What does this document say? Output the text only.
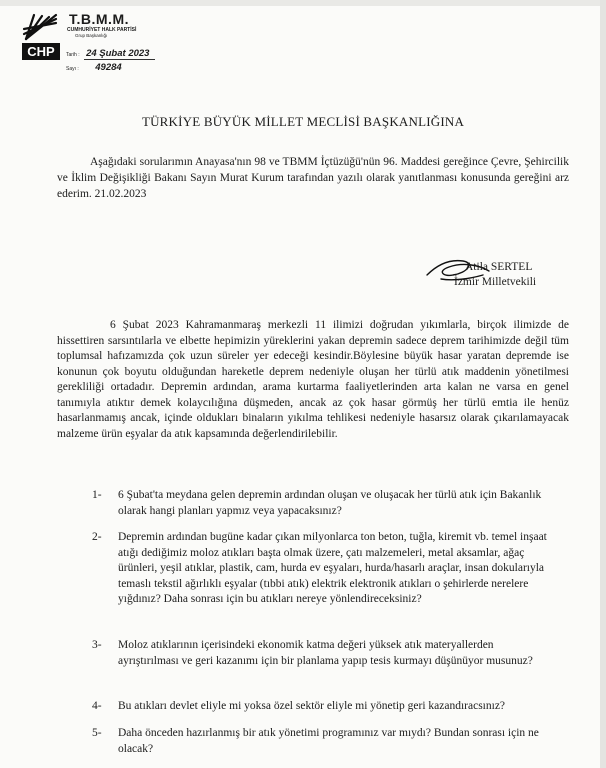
CHP
T.B.M.M.
CUMHURİYET HALK PARTİSİ
Grup Başkanlığı
Tarih : 24 Şubat 2023
Sayı : 49284
TÜRKİYE BÜYÜK MİLLET MECLİSİ BAŞKANLIĞINA

Aşağıdaki sorularımın Anayasa'nın 98 ve TBMM İçtüzüğü'nün 96. Maddesi gereğince Çevre, Şehircilik ve İklim Değişikliği Bakanı Sayın Murat Kurum tarafından yazılı olarak yanıtlanması konusunda gereğini arz ederim. 21.02.2023

Atila SERTEL
İzmir Milletvekili

6 Şubat 2023 Kahramanmaraş merkezli 11 ilimizi doğrudan yıkımlarla, birçok ilimizde de hissettiren sarsıntılarla ve elbette hepimizin yüreklerini yakan depremin sadece deprem tarihimizde değil tüm toplumsal hafızamızda çok uzun süreler yer edeceği kesindir.Böylesine büyük hasar yaratan depremde ise konunun çok boyutu olduğundan hareketle deprem nedeniyle oluşan her türlü atık maddenin yönetilmesi gerekliliği ortadadır. Depremin ardından, arama kurtarma faaliyetlerinden arta kalan ne varsa en genel tanımıyla atıktır demek kolaycılığına düşmeden, ancak az çok hasar görmüş her türlü emtia ile henüz hasarlanmamış ancak, içinde oldukları binaların yıkılma tehlikesi nedeniyle hasarsız olarak çıkarılamayacak malzeme ürün eşyalar da atık kapsamında değerlendirilebilir.

1-	6 Şubat'ta meydana gelen depremin ardından oluşan ve oluşacak her türlü atık için Bakanlık olarak hangi planları yapmız veya yapacaksınız?
2-	Depremin ardından bugüne kadar çıkan milyonlarca ton beton, tuğla, kiremit vb. temel inşaat atığı dediğimiz moloz atıkları başta olmak üzere, çatı malzemeleri, metal aksamlar, ağaç ürünleri, yeşil atıklar, plastik, cam, hurda ev eşyaları, hurda/hasarlı araçlar, insan dokularıyla temaslı tekstil ağırlıklı eşyalar (tıbbi atık) elektrik elektronik atıkları o şehirlerde nerelere yığdınız? Daha sonrası için bu atıkları nereye yönlendireceksiniz?
3-	Moloz atıklarının içerisindeki ekonomik katma değeri yüksek atık materyallerden ayrıştırılması ve geri kazanımı için bir planlama yapıp tesis kurmayı düşünüyor musunuz?
4-	Bu atıkları devlet eliyle mi yoksa özel sektör eliyle mi yönetip geri kazandıracsınız?
5-	Daha önceden hazırlanmış bir atık yönetimi programınız var mıydı? Bundan sonrası için ne olacak?
